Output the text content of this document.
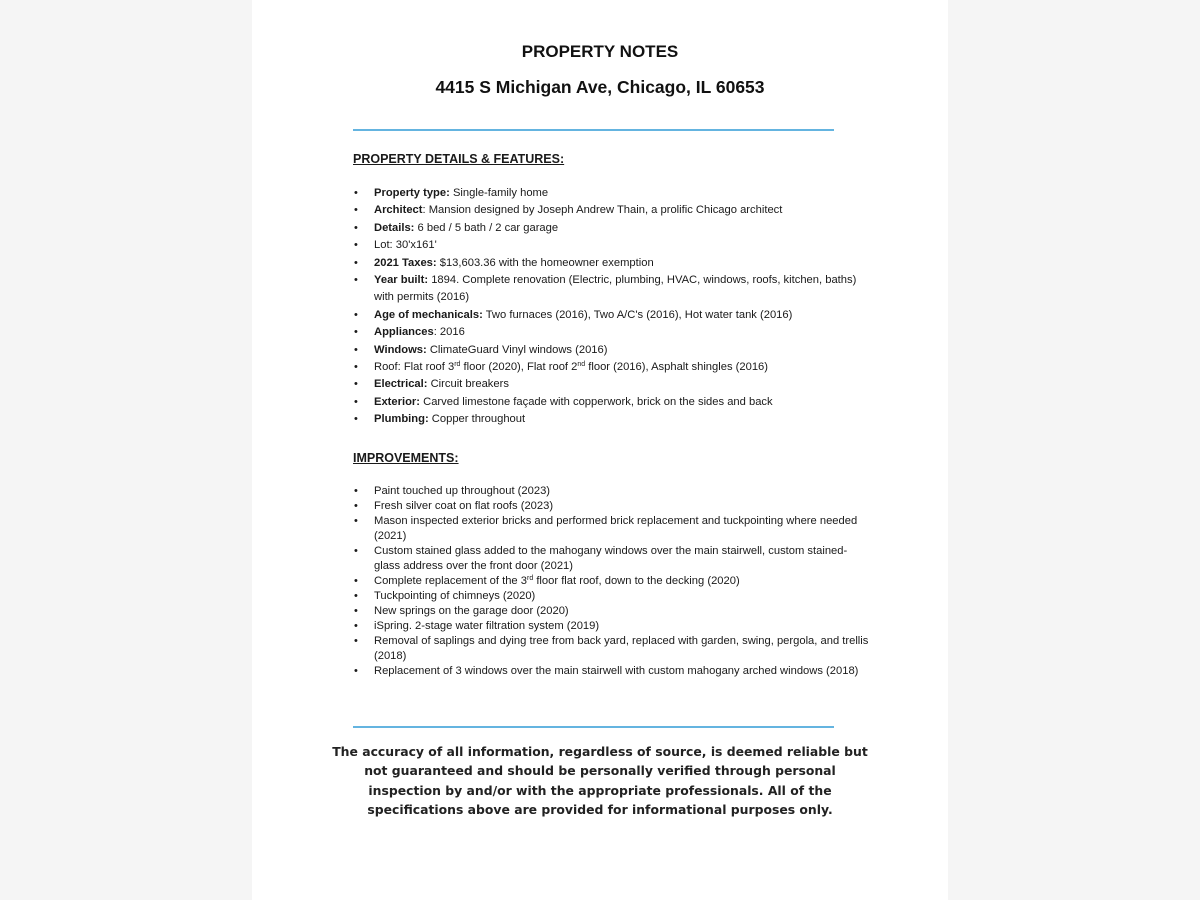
PROPERTY NOTES
4415 S Michigan Ave, Chicago, IL 60653

PROPERTY DETAILS & FEATURES:

• Property type: Single-family home
• Architect: Mansion designed by Joseph Andrew Thain, a prolific Chicago architect
• Details: 6 bed / 5 bath / 2 car garage
• Lot: 30'x161'
• 2021 Taxes: $13,603.36 with the homeowner exemption
• Year built: 1894. Complete renovation (Electric, plumbing, HVAC, windows, roofs, kitchen, baths) with permits (2016)
• Age of mechanicals: Two furnaces (2016), Two A/C's (2016), Hot water tank (2016)
• Appliances: 2016
• Windows: ClimateGuard Vinyl windows (2016)
• Roof: Flat roof 3rd floor (2020), Flat roof 2nd floor (2016), Asphalt shingles (2016)
• Electrical: Circuit breakers
• Exterior: Carved limestone façade with copperwork, brick on the sides and back
• Plumbing: Copper throughout

IMPROVEMENTS:

• Paint touched up throughout (2023)
• Fresh silver coat on flat roofs (2023)
• Mason inspected exterior bricks and performed brick replacement and tuckpointing where needed (2021)
• Custom stained glass added to the mahogany windows over the main stairwell, custom stained-glass address over the front door (2021)
• Complete replacement of the 3rd floor flat roof, down to the decking (2020)
• Tuckpointing of chimneys (2020)
• New springs on the garage door (2020)
• iSpring. 2-stage water filtration system (2019)
• Removal of saplings and dying tree from back yard, replaced with garden, swing, pergola, and trellis (2018)
• Replacement of 3 windows over the main stairwell with custom mahogany arched windows (2018)

The accuracy of all information, regardless of source, is deemed reliable but not guaranteed and should be personally verified through personal inspection by and/or with the appropriate professionals. All of the specifications above are provided for informational purposes only.
